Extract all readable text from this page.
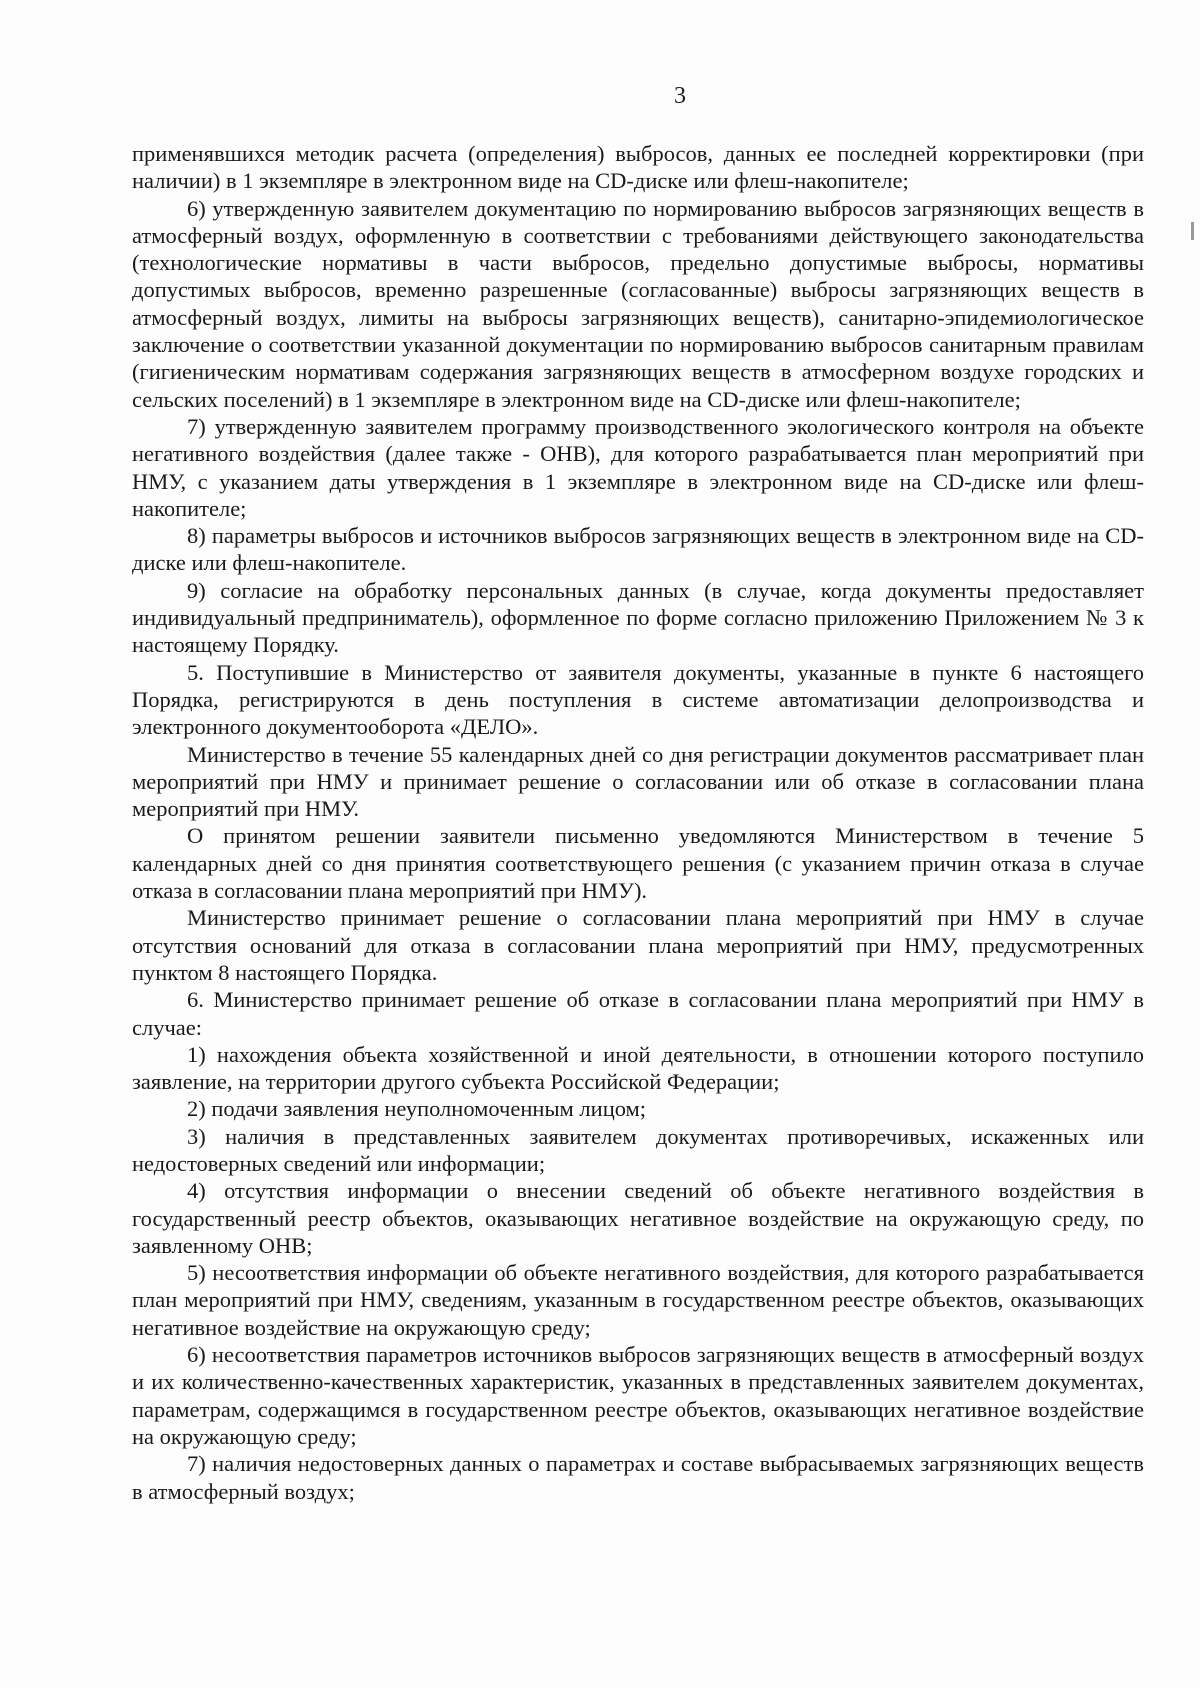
3

применявшихся методик расчета (определения) выбросов, данных ее последней корректировки (при наличии) в 1 экземпляре в электронном виде на CD-диске или флеш-накопителе;

6) утвержденную заявителем документацию по нормированию выбросов загрязняющих веществ в атмосферный воздух, оформленную в соответствии с требованиями действующего законодательства (технологические нормативы в части выбросов, предельно допустимые выбросы, нормативы допустимых выбросов, временно разрешенные (согласованные) выбросы загрязняющих веществ в атмосферный воздух, лимиты на выбросы загрязняющих веществ), санитарно-эпидемиологическое заключение о соответствии указанной документации по нормированию выбросов санитарным правилам (гигиеническим нормативам содержания загрязняющих веществ в атмосферном воздухе городских и сельских поселений) в 1 экземпляре в электронном виде на CD-диске или флеш-накопителе;

7) утвержденную заявителем программу производственного экологического контроля на объекте негативного воздействия (далее также - ОНВ), для которого разрабатывается план мероприятий при НМУ, с указанием даты утверждения в 1 экземпляре в электронном виде на CD-диске или флеш-накопителе;

8) параметры выбросов и источников выбросов загрязняющих веществ в электронном виде на CD-диске или флеш-накопителе.

9) согласие на обработку персональных данных (в случае, когда документы предоставляет индивидуальный предприниматель), оформленное по форме согласно приложению Приложением № 3 к настоящему Порядку.

5. Поступившие в Министерство от заявителя документы, указанные в пункте 6 настоящего Порядка, регистрируются в день поступления в системе автоматизации делопроизводства и электронного документооборота «ДЕЛО».

Министерство в течение 55 календарных дней со дня регистрации документов рассматривает план мероприятий при НМУ и принимает решение о согласовании или об отказе в согласовании плана мероприятий при НМУ.

О принятом решении заявители письменно уведомляются Министерством в течение 5 календарных дней со дня принятия соответствующего решения (с указанием причин отказа в случае отказа в согласовании плана мероприятий при НМУ).

Министерство принимает решение о согласовании плана мероприятий при НМУ в случае отсутствия оснований для отказа в согласовании плана мероприятий при НМУ, предусмотренных пунктом 8 настоящего Порядка.

6. Министерство принимает решение об отказе в согласовании плана мероприятий при НМУ в случае:

1) нахождения объекта хозяйственной и иной деятельности, в отношении которого поступило заявление, на территории другого субъекта Российской Федерации;

2) подачи заявления неуполномоченным лицом;

3) наличия в представленных заявителем документах противоречивых, искаженных или недостоверных сведений или информации;

4) отсутствия информации о внесении сведений об объекте негативного воздействия в государственный реестр объектов, оказывающих негативное воздействие на окружающую среду, по заявленному ОНВ;

5) несоответствия информации об объекте негативного воздействия, для которого разрабатывается план мероприятий при НМУ, сведениям, указанным в государственном реестре объектов, оказывающих негативное воздействие на окружающую среду;

6) несоответствия параметров источников выбросов загрязняющих веществ в атмосферный воздух и их количественно-качественных характеристик, указанных в представленных заявителем документах, параметрам, содержащимся в государственном реестре объектов, оказывающих негативное воздействие на окружающую среду;

7) наличия недостоверных данных о параметрах и составе выбрасываемых загрязняющих веществ в атмосферный воздух;
